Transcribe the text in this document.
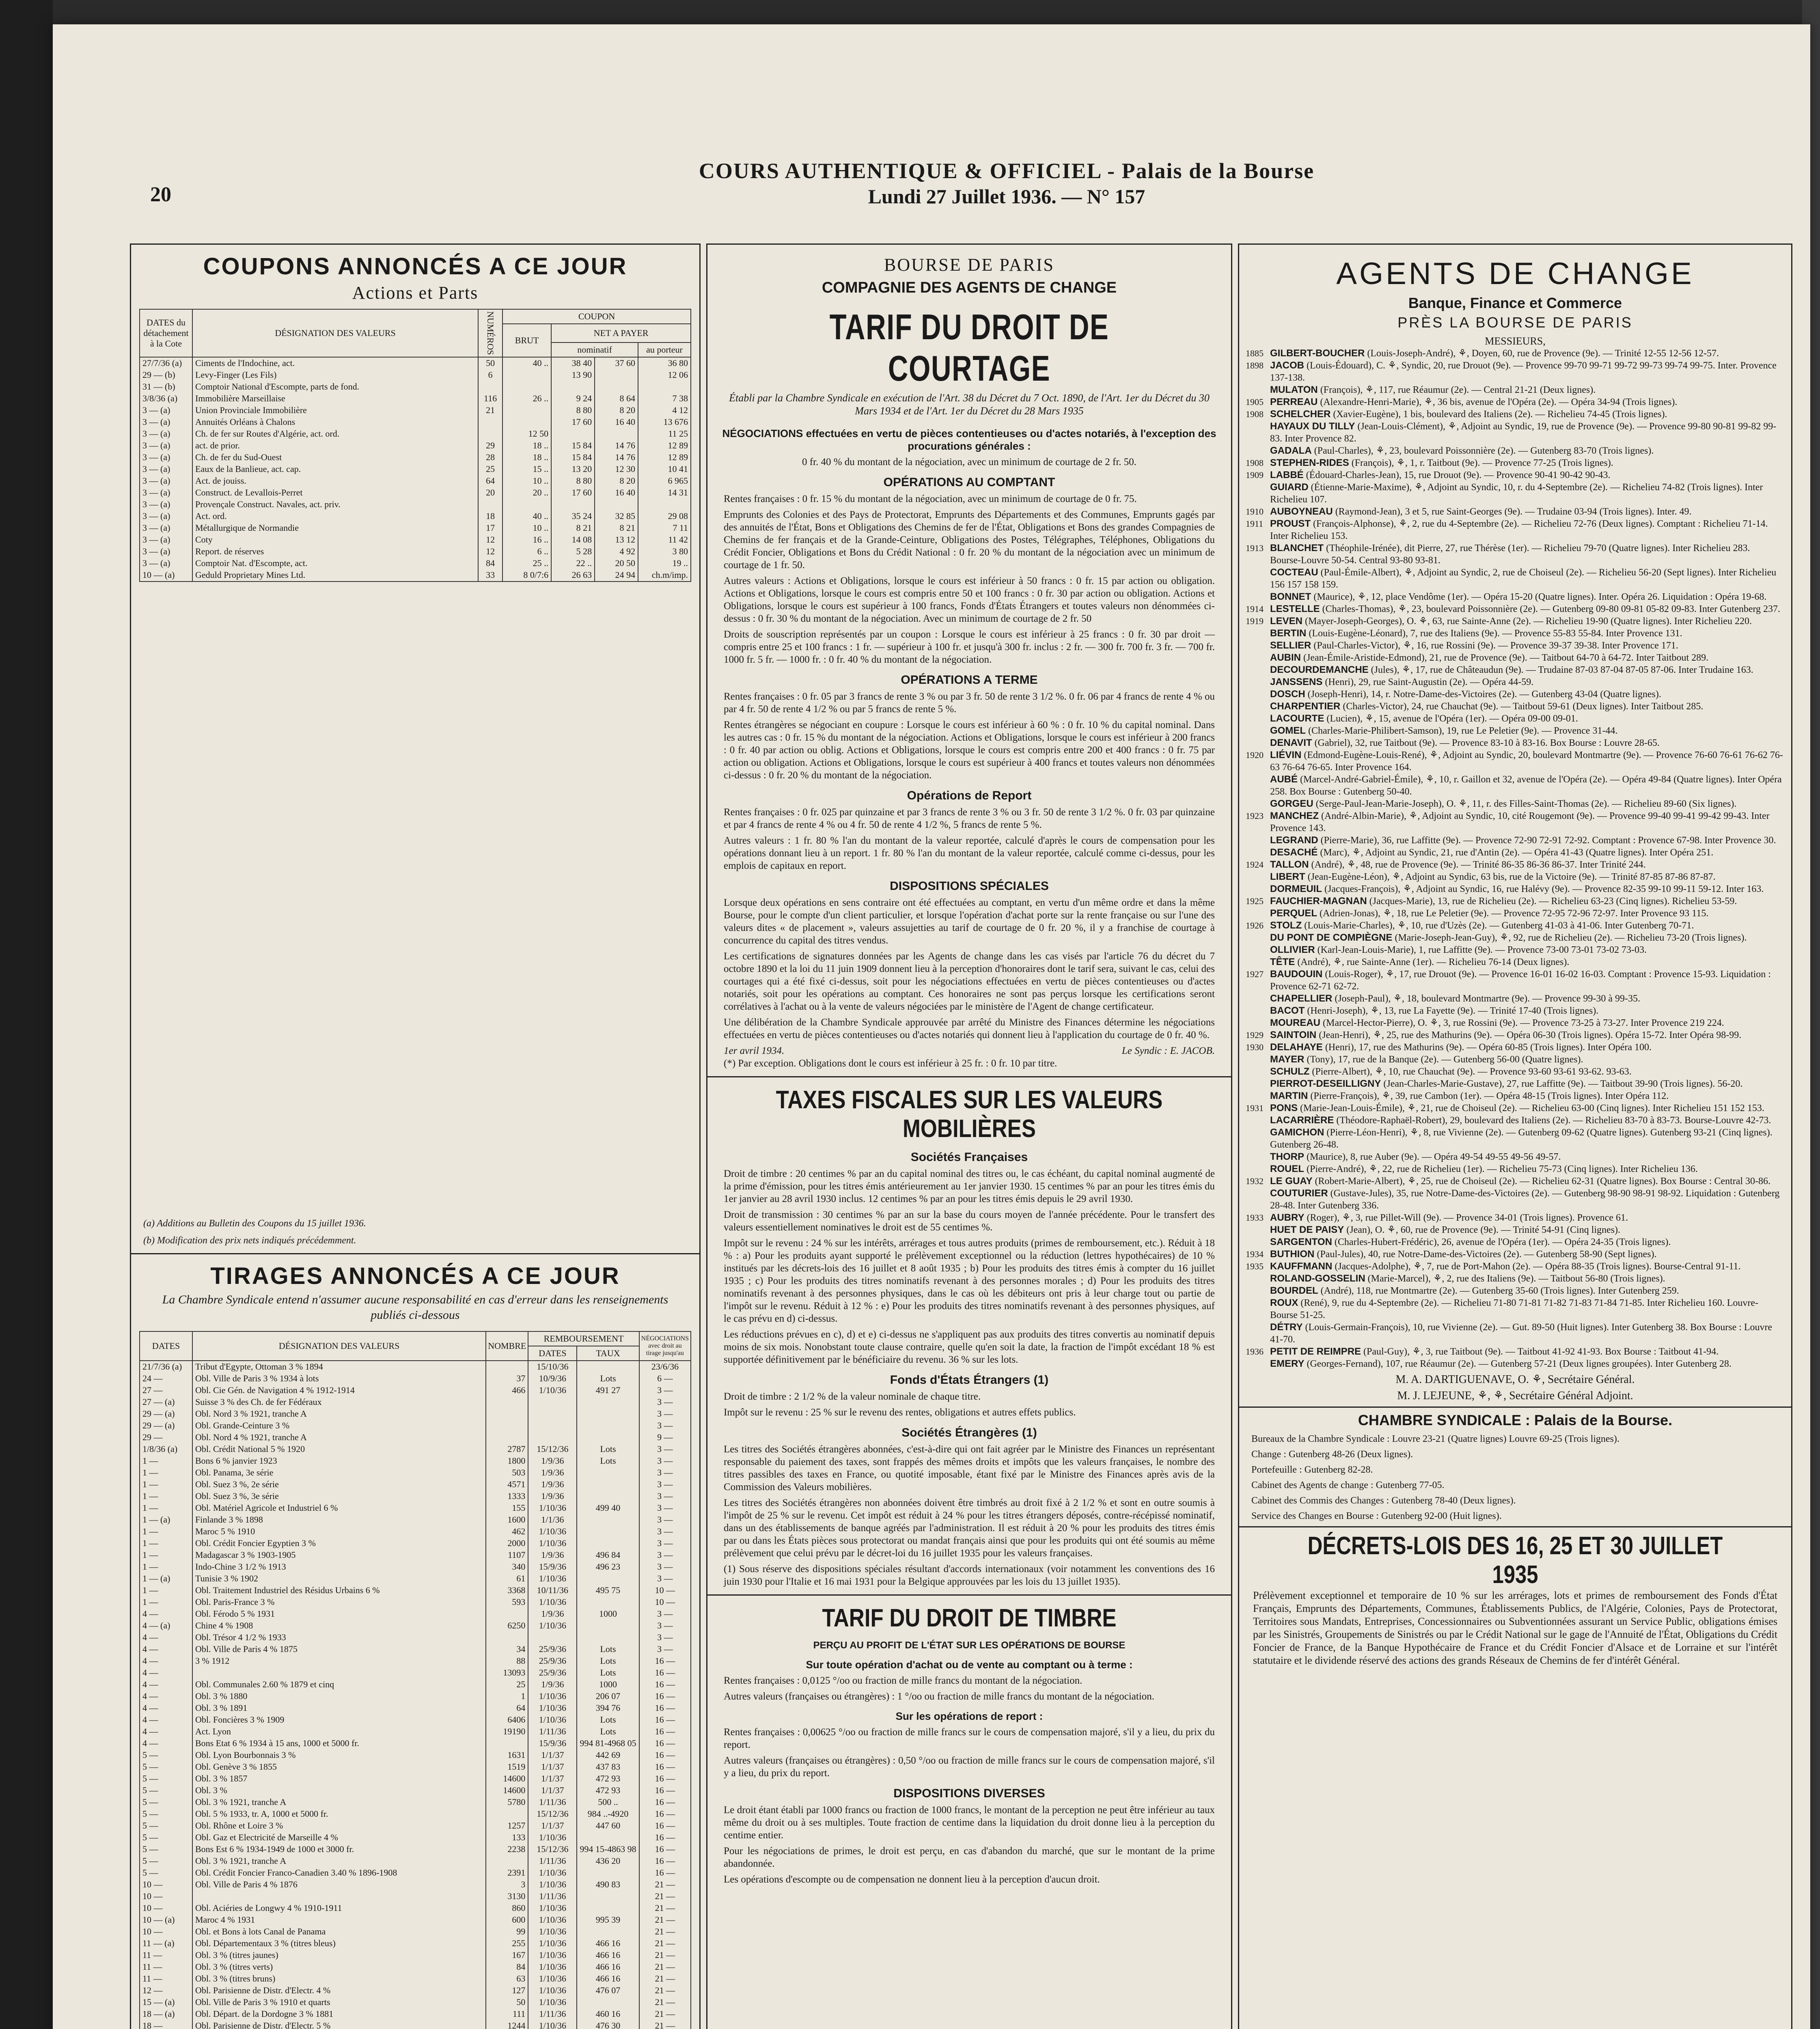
20
COURS AUTHENTIQUE & OFFICIEL - Palais de la Bourse
Lundi 27 Juillet 1936. — N° 157
COUPONS ANNONCÉS A CE JOUR
Actions et Parts
DATES du détachement à la Cote	DÉSIGNATION DES VALEURS	NUMÉROS	COUPON			
			BRUT	NET A PAYER		
				nominatif		au porteur
27/7/36 (a)	Ciments de l'Indochine, act.	50	40 ..	38 40	37 60	36 80
29 — (b)	Levy-Finger (Les Fils)	6		13 90		12 06
31 — (b)	Comptoir National d'Escompte, parts de fond.					
3/8/36 (a)	Immobilière Marseillaise	116	26 ..	9 24	8 64	7 38
3 — (a)	Union Provinciale Immobilière	21		8 80	8 20	4 12
3 — (a)	Annuités Orléans à Chalons			17 60	16 40	13 676
3 — (a)	Ch. de fer sur Routes d'Algérie, act. ord.		12 50			11 25
3 — (a)	act. de prior.	29	18 ..	15 84	14 76	12 89
3 — (a)	Ch. de fer du Sud-Ouest	28	18 ..	15 84	14 76	12 89
3 — (a)	Eaux de la Banlieue, act. cap.	25	15 ..	13 20	12 30	10 41
3 — (a)	Act. de jouiss.	64	10 ..	8 80	8 20	6 965
3 — (a)	Construct. de Levallois-Perret	20	20 ..	17 60	16 40	14 31
3 — (a)	Provençale Construct. Navales, act. priv.					
3 — (a)	Act. ord.	18	40 ..	35 24	32 85	29 08
3 — (a)	Métallurgique de Normandie	17	10 ..	8 21	8 21	7 11
3 — (a)	Coty	12	16 ..	14 08	13 12	11 42
3 — (a)	Report. de réserves	12	6 ..	5 28	4 92	3 80
3 — (a)	Comptoir Nat. d'Escompte, act.	84	25 ..	22 ..	20 50	19 ..
10 — (a)	Geduld Proprietary Mines Ltd.	33	8 0/7:6	26 63	24 94	ch.m/imp.
(a) Additions au Bulletin des Coupons du 15 juillet 1936.
(b) Modification des prix nets indiqués précédemment.
TIRAGES ANNONCÉS A CE JOUR
La Chambre Syndicale entend n'assumer aucune responsabilité en cas d'erreur dans les renseignements publiés ci-dessous
DATES	DÉSIGNATION DES VALEURS	NOMBRE	REMBOURSEMENT		NÉGOCIATIONS avec droit au tirage jusqu'au
			DATES	TAUX	
21/7/36 (a)	Tribut d'Egypte, Ottoman 3 % 1894		15/10/36		23/6/36
24 —	Obl. Ville de Paris 3 % 1934 à lots	37	10/9/36	Lots	6 —
27 —	Obl. Cie Gén. de Navigation 4 % 1912-1914	466	1/10/36	491 27	3 —
27 — (a)	Suisse 3 % des Ch. de fer Fédéraux				3 —
29 — (a)	Obl. Nord 3 % 1921, tranche A				3 —
29 — (a)	Obl. Grande-Ceinture 3 %				3 —
29 —	Obl. Nord 4 % 1921, tranche A				9 —
1/8/36 (a)	Obl. Crédit National 5 % 1920	2787	15/12/36	Lots	3 —
1 —	Bons 6 % janvier 1923	1800	1/9/36	Lots	3 —
1 —	Obl. Panama, 3e série	503	1/9/36		3 —
1 —	Obl. Suez 3 %, 2e série	4571	1/9/36		3 —
1 —	Obl. Suez 3 %, 3e série	1333	1/9/36		3 —
1 —	Obl. Matériel Agricole et Industriel 6 %	155	1/10/36	499 40	3 —
1 — (a)	Finlande 3 % 1898	1600	1/1/36		3 —
1 —	Maroc 5 % 1910	462	1/10/36		3 —
1 —	Obl. Crédit Foncier Egyptien 3 %	2000	1/10/36		3 —
1 —	Madagascar 3 % 1903-1905	1107	1/9/36	496 84	3 —
1 —	Indo-Chine 3 1/2 % 1913	340	15/9/36	496 23	3 —
1 — (a)	Tunisie 3 % 1902	61	1/10/36		3 —
1 —	Obl. Traitement Industriel des Résidus Urbains 6 %	3368	10/11/36	495 75	10 —
1 —	Obl. Paris-France 3 %	593	1/10/36		10 —
4 —	Obl. Férodo 5 % 1931		1/9/36	1000	3 —
4 — (a)	Chine 4 % 1908	6250	1/10/36		3 —
4 —	Obl. Trésor 4 1/2 % 1933				3 —
4 —	Obl. Ville de Paris 4 % 1875	34	25/9/36	Lots	3 —
4 —	3 % 1912	88	25/9/36	Lots	16 —
4 —		13093	25/9/36	Lots	16 —
4 —	Obl. Communales 2.60 % 1879 et cinq	25	1/9/36	1000	16 —
4 —	Obl. 3 % 1880	1	1/10/36	206 07	16 —
4 —	Obl. 3 % 1891	64	1/10/36	394 76	16 —
4 —	Obl. Foncières 3 % 1909	6406	1/10/36	Lots	16 —
4 —	Act. Lyon	19190	1/11/36	Lots	16 —
4 —	Bons Etat 6 % 1934 à 15 ans, 1000 et 5000 fr.		15/9/36	994 81-4968 05	16 —
5 —	Obl. Lyon Bourbonnais 3 %	1631	1/1/37	442 69	16 —
5 —	Obl. Genève 3 % 1855	1519	1/1/37	437 83	16 —
5 —	Obl. 3 % 1857	14600	1/1/37	472 93	16 —
5 —	Obl. 3 %	14600	1/1/37	472 93	16 —
5 —	Obl. 3 % 1921, tranche A	5780	1/11/36	500 ..	16 —
5 —	Obl. 5 % 1933, tr. A, 1000 et 5000 fr.		15/12/36	984 ..-4920	16 —
5 —	Obl. Rhône et Loire 3 %	1257	1/1/37	447 60	16 —
5 —	Obl. Gaz et Electricité de Marseille 4 %	133	1/10/36		16 —
5 —	Bons Est 6 % 1934-1949 de 1000 et 3000 fr.	2238	15/12/36	994 15-4863 98	16 —
5 —	Obl. 3 % 1921, tranche A		1/11/36	436 20	16 —
5 —	Obl. Crédit Foncier Franco-Canadien 3.40 % 1896-1908	2391	1/10/36		16 —
10 —	Obl. Ville de Paris 4 % 1876	3	1/10/36	490 83	21 —
10 —		3130	1/11/36		21 —
10 —	Obl. Aciéries de Longwy 4 % 1910-1911	860	1/10/36		21 —
10 — (a)	Maroc 4 % 1931	600	1/10/36	995 39	21 —
10 —	Obl. et Bons à lots Canal de Panama	99	1/10/36		21 —
11 — (a)	Obl. Départementaux 3 % (titres bleus)	255	1/10/36	466 16	21 —
11 —	Obl. 3 % (titres jaunes)	167	1/10/36	466 16	21 —
11 —	Obl. 3 % (titres verts)	84	1/10/36	466 16	21 —
11 —	Obl. 3 % (titres bruns)	63	1/10/36	466 16	21 —
12 —	Obl. Parisienne de Distr. d'Electr. 4 %	127	1/10/36	476 07	21 —
15 — (a)	Obl. Ville de Paris 3 % 1910 et quarts	50	1/10/36		21 —
18 — (a)	Obl. Départ. de la Dordogne 3 % 1881	111	1/11/36	460 16	21 —
18 —	Obl. Parisienne de Distr. d'Electr. 5 %	1244	1/10/36	476 30	21 —

BOURSE DE PARIS
COMPAGNIE DES AGENTS DE CHANGE
TARIF DU DROIT DE COURTAGE
Établi par la Chambre Syndicale en exécution de l'Art. 38 du Décret du 7 Oct. 1890, de l'Art. 1er du Décret du 30 Mars 1934 et de l'Art. 1er du Décret du 28 Mars 1935
NÉGOCIATIONS effectuées en vertu de pièces contentieuses ou d'actes notariés, à l'exception des procurations générales :
0 fr. 40 % du montant de la négociation, avec un minimum de courtage de 2 fr. 50.
OPÉRATIONS AU COMPTANT
Rentes françaises : 0 fr. 15 % du montant de la négociation, avec un minimum de courtage de 0 fr. 75.
Emprunts des Colonies et des Pays de Protectorat, Emprunts des Départements et des Communes, Emprunts gagés par des annuités de l'État, Bons et Obligations des Chemins de fer de l'État, Obligations et Bons des grandes Compagnies de Chemins de fer français et de la Grande-Ceinture, Obligations des Postes, Télégraphes, Téléphones, Obligations du Crédit Foncier, Obligations et Bons du Crédit National : 0 fr. 20 % du montant de la négociation avec un minimum de courtage de 1 fr. 50.
Autres valeurs : Actions et Obligations, lorsque le cours est inférieur à 50 francs : 0 fr. 15 par action ou obligation. Actions et Obligations, lorsque le cours est compris entre 50 et 100 francs : 0 fr. 30 par action ou obligation. Actions et Obligations, lorsque le cours est supérieur à 100 francs, Fonds d'États Étrangers et toutes valeurs non dénommées ci-dessus : 0 fr. 30 % du montant de la négociation. Avec un minimum de courtage de 2 fr. 50
Droits de souscription représentés par un coupon : Lorsque le cours est inférieur à 25 francs : 0 fr. 30 par droit — compris entre 25 et 100 francs : 1 fr. — supérieur à 100 fr. et jusqu'à 300 fr. inclus : 2 fr. — 300 fr. 700 fr. 3 fr. — 700 fr. 1000 fr. 5 fr. — 1000 fr. : 0 fr. 40 % du montant de la négociation.
OPÉRATIONS A TERME
Rentes françaises : 0 fr. 05 par 3 francs de rente 3 % ou par 3 fr. 50 de rente 3 1/2 %. 0 fr. 06 par 4 francs de rente 4 % ou par 4 fr. 50 de rente 4 1/2 % ou par 5 francs de rente 5 %.
Rentes étrangères se négociant en coupure : Lorsque le cours est inférieur à 60 % : 0 fr. 10 % du capital nominal. Dans les autres cas : 0 fr. 15 % du montant de la négociation. Actions et Obligations, lorsque le cours est inférieur à 200 francs : 0 fr. 40 par action ou oblig. Actions et Obligations, lorsque le cours est compris entre 200 et 400 francs : 0 fr. 75 par action ou obligation. Actions et Obligations, lorsque le cours est supérieur à 400 francs et toutes valeurs non dénommées ci-dessus : 0 fr. 20 % du montant de la négociation.
Opérations de Report
Rentes françaises : 0 fr. 025 par quinzaine et par 3 francs de rente 3 % ou 3 fr. 50 de rente 3 1/2 %. 0 fr. 03 par quinzaine et par 4 francs de rente 4 % ou 4 fr. 50 de rente 4 1/2 %, 5 francs de rente 5 %.
Autres valeurs : 1 fr. 80 % l'an du montant de la valeur reportée, calculé d'après le cours de compensation pour les opérations donnant lieu à un report. 1 fr. 80 % l'an du montant de la valeur reportée, calculé comme ci-dessus, pour les emplois de capitaux en report.
DISPOSITIONS SPÉCIALES
Lorsque deux opérations en sens contraire ont été effectuées au comptant, en vertu d'un même ordre et dans la même Bourse, pour le compte d'un client particulier, et lorsque l'opération d'achat porte sur la rente française ou sur l'une des valeurs dites « de placement », valeurs assujetties au tarif de courtage de 0 fr. 20 %, il y a franchise de courtage à concurrence du capital des titres vendus.
Les certifications de signatures données par les Agents de change dans les cas visés par l'article 76 du décret du 7 octobre 1890 et la loi du 11 juin 1909 donnent lieu à la perception d'honoraires dont le tarif sera, suivant le cas, celui des courtages qui a été fixé ci-dessus, soit pour les négociations effectuées en vertu de pièces contentieuses ou d'actes notariés, soit pour les opérations au comptant. Ces honoraires ne sont pas perçus lorsque les certifications seront corrélatives à l'achat ou à la vente de valeurs négociées par le ministère de l'Agent de change certificateur.
Une délibération de la Chambre Syndicale approuvée par arrêté du Ministre des Finances détermine les négociations effectuées en vertu de pièces contentieuses ou d'actes notariés qui donnent lieu à l'application du courtage de 0 fr. 40 %.
1er avril 1934.	Le Syndic : E. JACOB.
(*) Par exception. Obligations dont le cours est inférieur à 25 fr. : 0 fr. 10 par titre.
TAXES FISCALES SUR LES VALEURS MOBILIÈRES
Sociétés Françaises
Droit de timbre : 20 centimes % par an du capital nominal des titres ou, le cas échéant, du capital nominal augmenté de la prime d'émission, pour les titres émis antérieurement au 1er janvier 1930. 15 centimes % par an pour les titres émis du 1er janvier au 28 avril 1930 inclus. 12 centimes % par an pour les titres émis depuis le 29 avril 1930.
Droit de transmission : 30 centimes % par an sur la base du cours moyen de l'année précédente. Pour le transfert des valeurs essentiellement nominatives le droit est de 55 centimes %.
Impôt sur le revenu : 24 % sur les intérêts, arrérages et tous autres produits (primes de remboursement, etc.). Réduit à 18 % : a) Pour les produits ayant supporté le prélèvement exceptionnel ou la réduction (lettres hypothécaires) de 10 % institués par les décrets-lois des 16 juillet et 8 août 1935 ; b) Pour les produits des titres émis à compter du 16 juillet 1935 ; c) Pour les produits des titres nominatifs revenant à des personnes morales ; d) Pour les produits des titres nominatifs revenant à des personnes physiques, dans le cas où les débiteurs ont pris à leur charge tout ou partie de l'impôt sur le revenu. Réduit à 12 % : e) Pour les produits des titres nominatifs revenant à des personnes physiques, auf le cas prévu en d) ci-dessus.
Les réductions prévues en c), d) et e) ci-dessus ne s'appliquent pas aux produits des titres convertis au nominatif depuis moins de six mois. Nonobstant toute clause contraire, quelle qu'en soit la date, la fraction de l'impôt excédant 18 % est supportée définitivement par le bénéficiaire du revenu. 36 % sur les lots.
Fonds d'États Étrangers (1)
Droit de timbre : 2 1/2 % de la valeur nominale de chaque titre.
Impôt sur le revenu : 25 % sur le revenu des rentes, obligations et autres effets publics.
Sociétés Étrangères (1)
Les titres des Sociétés étrangères abonnées, c'est-à-dire qui ont fait agréer par le Ministre des Finances un représentant responsable du paiement des taxes, sont frappés des mêmes droits et impôts que les valeurs françaises, le nombre des titres passibles des taxes en France, ou quotité imposable, étant fixé par le Ministre des Finances après avis de la Commission des Valeurs mobilières.
Les titres des Sociétés étrangères non abonnées doivent être timbrés au droit fixé à 2 1/2 % et sont en outre soumis à l'impôt de 25 % sur le revenu. Cet impôt est réduit à 24 % pour les titres étrangers déposés, contre-récépissé nominatif, dans un des établissements de banque agréés par l'administration. Il est réduit à 20 % pour les produits des titres émis par ou dans les États pièces sous protectorat ou mandat français ainsi que pour les produits qui ont été soumis au même prélèvement que celui prévu par le décret-loi du 16 juillet 1935 pour les valeurs françaises.
(1) Sous réserve des dispositions spéciales résultant d'accords internationaux (voir notamment les conventions des 16 juin 1930 pour l'Italie et 16 mai 1931 pour la Belgique approuvées par les lois du 13 juillet 1935).
TARIF DU DROIT DE TIMBRE
PERÇU AU PROFIT DE L'ÉTAT SUR LES OPÉRATIONS DE BOURSE
Sur toute opération d'achat ou de vente au comptant ou à terme :
Rentes françaises : 0,0125 °/oo ou fraction de mille francs du montant de la négociation.
Autres valeurs (françaises ou étrangères) : 1 °/oo ou fraction de mille francs du montant de la négociation.
Sur les opérations de report :
Rentes françaises : 0,00625 °/oo ou fraction de mille francs sur le cours de compensation majoré, s'il y a lieu, du prix du report.
Autres valeurs (françaises ou étrangères) : 0,50 °/oo ou fraction de mille francs sur le cours de compensation majoré, s'il y a lieu, du prix du report.
DISPOSITIONS DIVERSES
Le droit étant établi par 1000 francs ou fraction de 1000 francs, le montant de la perception ne peut être inférieur au taux même du droit ou à ses multiples. Toute fraction de centime dans la liquidation du droit donne lieu à la perception du centime entier.
Pour les négociations de primes, le droit est perçu, en cas d'abandon du marché, que sur le montant de la prime abandonnée.
Les opérations d'escompte ou de compensation ne donnent lieu à la perception d'aucun droit.
AGENTS DE CHANGE
Banque, Finance et Commerce
PRÈS LA BOURSE DE PARIS
MESSIEURS,
1885 GILBERT-BOUCHER (Louis-Joseph-André), ⚘, Doyen, 60, rue de Provence (9e). — Trinité 12-55 12-56 12-57.
1898 JACOB (Louis-Édouard), C. ⚘, Syndic, 20, rue Drouot (9e). — Provence 99-70 99-71 99-72 99-73 99-74 99-75. Inter. Provence 137-138.
MULATON (François), ⚘, 117, rue Réaumur (2e). — Central 21-21 (Deux lignes).
1905 PERREAU (Alexandre-Henri-Marie), ⚘, 36 bis, avenue de l'Opéra (2e). — Opéra 34-94 (Trois lignes).
1908 SCHELCHER (Xavier-Eugène), 1 bis, boulevard des Italiens (2e). — Richelieu 74-45 (Trois lignes).
HAYAUX DU TILLY (Jean-Louis-Clément), ⚘, Adjoint au Syndic, 19, rue de Provence (9e). — Provence 99-80 90-81 99-82 99-83. Inter Provence 82.
GADALA (Paul-Charles), ⚘, 23, boulevard Poissonnière (2e). — Gutenberg 83-70 (Trois lignes).
1908 STEPHEN-RIDES (François), ⚘, 1, r. Taitbout (9e). — Provence 77-25 (Trois lignes).
1909 LABBÉ (Édouard-Charles-Jean), 15, rue Drouot (9e). — Provence 90-41 90-42 90-43.
GUIARD (Étienne-Marie-Maxime), ⚘, Adjoint au Syndic, 10, r. du 4-Septembre (2e). — Richelieu 74-82 (Trois lignes). Inter Richelieu 107.
1910 AUBOYNEAU (Raymond-Jean), 3 et 5, rue Saint-Georges (9e). — Trudaine 03-94 (Trois lignes). Inter. 49.
1911 PROUST (François-Alphonse), ⚘, 2, rue du 4-Septembre (2e). — Richelieu 72-76 (Deux lignes). Comptant : Richelieu 71-14. Inter Richelieu 153.
1913 BLANCHET (Théophile-Irénée), dit Pierre, 27, rue Thérèse (1er). — Richelieu 79-70 (Quatre lignes). Inter Richelieu 283. Bourse-Louvre 50-54. Central 93-80 93-81.
COCTEAU (Paul-Émile-Albert), ⚘, Adjoint au Syndic, 2, rue de Choiseul (2e). — Richelieu 56-20 (Sept lignes). Inter Richelieu 156 157 158 159.
BONNET (Maurice), ⚘, 12, place Vendôme (1er). — Opéra 15-20 (Quatre lignes). Inter. Opéra 26. Liquidation : Opéra 19-68.
1914 LESTELLE (Charles-Thomas), ⚘, 23, boulevard Poissonnière (2e). — Gutenberg 09-80 09-81 05-82 09-83. Inter Gutenberg 237.
1919 LEVEN (Mayer-Joseph-Georges), O. ⚘, 63, rue Sainte-Anne (2e). — Richelieu 19-90 (Quatre lignes). Inter Richelieu 220.
BERTIN (Louis-Eugène-Léonard), 7, rue des Italiens (9e). — Provence 55-83 55-84. Inter Provence 131.
SELLIER (Paul-Charles-Victor), ⚘, 16, rue Rossini (9e). — Provence 39-37 39-38. Inter Provence 171.
AUBIN (Jean-Émile-Aristide-Edmond), 21, rue de Provence (9e). — Taitbout 64-70 à 64-72. Inter Taitbout 289.
DECOURDEMANCHE (Jules), ⚘, 17, rue de Châteaudun (9e). — Trudaine 87-03 87-04 87-05 87-06. Inter Trudaine 163.
JANSSENS (Henri), 29, rue Saint-Augustin (2e). — Opéra 44-59.
DOSCH (Joseph-Henri), 14, r. Notre-Dame-des-Victoires (2e). — Gutenberg 43-04 (Quatre lignes).
CHARPENTIER (Charles-Victor), 24, rue Chauchat (9e). — Taitbout 59-61 (Deux lignes). Inter Taitbout 285.
LACOURTE (Lucien), ⚘, 15, avenue de l'Opéra (1er). — Opéra 09-00 09-01.
GOMEL (Charles-Marie-Philibert-Samson), 19, rue Le Peletier (9e). — Provence 31-44.
DENAVIT (Gabriel), 32, rue Taitbout (9e). — Provence 83-10 à 83-16. Box Bourse : Louvre 28-65.
1920 LIÉVIN (Edmond-Eugène-Louis-René), ⚘, Adjoint au Syndic, 20, boulevard Montmartre (9e). — Provence 76-60 76-61 76-62 76-63 76-64 76-65. Inter Provence 164.
AUBÉ (Marcel-André-Gabriel-Émile), ⚘, 10, r. Gaillon et 32, avenue de l'Opéra (2e). — Opéra 49-84 (Quatre lignes). Inter Opéra 258. Box Bourse : Gutenberg 50-40.
GORGEU (Serge-Paul-Jean-Marie-Joseph), O. ⚘, 11, r. des Filles-Saint-Thomas (2e). — Richelieu 89-60 (Six lignes).
1923 MANCHEZ (André-Albin-Marie), ⚘, Adjoint au Syndic, 10, cité Rougemont (9e). — Provence 99-40 99-41 99-42 99-43. Inter Provence 143.
LEGRAND (Pierre-Marie), 36, rue Laffitte (9e). — Provence 72-90 72-91 72-92. Comptant : Provence 67-98. Inter Provence 30.
DESACHÉ (Marc), ⚘, Adjoint au Syndic, 21, rue d'Antin (2e). — Opéra 41-43 (Quatre lignes). Inter Opéra 251.
1924 TALLON (André), ⚘, 48, rue de Provence (9e). — Trinité 86-35 86-36 86-37. Inter Trinité 244.
LIBERT (Jean-Eugène-Léon), ⚘, Adjoint au Syndic, 63 bis, rue de la Victoire (9e). — Trinité 87-85 87-86 87-87.
DORMEUIL (Jacques-François), ⚘, Adjoint au Syndic, 16, rue Halévy (9e). — Provence 82-35 99-10 99-11 59-12. Inter 163.
1925 FAUCHIER-MAGNAN (Jacques-Marie), 13, rue de Richelieu (2e). — Richelieu 63-23 (Cinq lignes). Richelieu 53-59.
PERQUEL (Adrien-Jonas), ⚘, 18, rue Le Peletier (9e). — Provence 72-95 72-96 72-97. Inter Provence 93 115.
1926 STOLZ (Louis-Marie-Charles), ⚘, 10, rue d'Uzès (2e). — Gutenberg 41-03 à 41-06. Inter Gutenberg 70-71.
DU PONT DE COMPIÈGNE (Marie-Joseph-Jean-Guy), ⚘, 92, rue de Richelieu (2e). — Richelieu 73-20 (Trois lignes).
OLLIVIER (Karl-Jean-Louis-Marie), 1, rue Laffitte (9e). — Provence 73-00 73-01 73-02 73-03.
TÊTE (André), ⚘, rue Sainte-Anne (1er). — Richelieu 76-14 (Deux lignes).
1927 BAUDOUIN (Louis-Roger), ⚘, 17, rue Drouot (9e). — Provence 16-01 16-02 16-03. Comptant : Provence 15-93. Liquidation : Provence 62-71 62-72.
CHAPELLIER (Joseph-Paul), ⚘, 18, boulevard Montmartre (9e). — Provence 99-30 à 99-35.
BACOT (Henri-Joseph), ⚘, 13, rue La Fayette (9e). — Trinité 17-40 (Trois lignes).
MOUREAU (Marcel-Hector-Pierre), O. ⚘, 3, rue Rossini (9e). — Provence 73-25 à 73-27. Inter Provence 219 224.
1929 SAINTOIN (Jean-Henri), ⚘, 25, rue des Mathurins (9e). — Opéra 06-30 (Trois lignes). Opéra 15-72. Inter Opéra 98-99.
1930 DELAHAYE (Henri), 17, rue des Mathurins (9e). — Opéra 60-85 (Trois lignes). Inter Opéra 100.
MAYER (Tony), 17, rue de la Banque (2e). — Gutenberg 56-00 (Quatre lignes).
SCHULZ (Pierre-Albert), ⚘, 10, rue Chauchat (9e). — Provence 93-60 93-61 93-62. 93-63.
PIERROT-DESEILLIGNY (Jean-Charles-Marie-Gustave), 27, rue Laffitte (9e). — Taitbout 39-90 (Trois lignes). 56-20.
MARTIN (Pierre-François), ⚘, 39, rue Cambon (1er). — Opéra 48-15 (Trois lignes). Inter Opéra 112.
1931 PONS (Marie-Jean-Louis-Émile), ⚘, 21, rue de Choiseul (2e). — Richelieu 63-00 (Cinq lignes). Inter Richelieu 151 152 153.
LACARRIÈRE (Théodore-Raphaël-Robert), 29, boulevard des Italiens (2e). — Richelieu 83-70 à 83-73. Bourse-Louvre 42-73.
GAMICHON (Pierre-Léon-Henri), ⚘, 8, rue Vivienne (2e). — Gutenberg 09-62 (Quatre lignes). Gutenberg 93-21 (Cinq lignes). Gutenberg 26-48.
THORP (Maurice), 8, rue Auber (9e). — Opéra 49-54 49-55 49-56 49-57.
ROUEL (Pierre-André), ⚘, 22, rue de Richelieu (1er). — Richelieu 75-73 (Cinq lignes). Inter Richelieu 136.
1932 LE GUAY (Robert-Marie-Albert), ⚘, 25, rue de Choiseul (2e). — Richelieu 62-31 (Quatre lignes). Box Bourse : Central 30-86.
COUTURIER (Gustave-Jules), 35, rue Notre-Dame-des-Victoires (2e). — Gutenberg 98-90 98-91 98-92. Liquidation : Gutenberg 28-48. Inter Gutenberg 336.
1933 AUBRY (Roger), ⚘, 3, rue Pillet-Will (9e). — Provence 34-01 (Trois lignes). Provence 61.
HUET DE PAISY (Jean), O. ⚘, 60, rue de Provence (9e). — Trinité 54-91 (Cinq lignes).
SARGENTON (Charles-Hubert-Frédéric), 26, avenue de l'Opéra (1er). — Opéra 24-35 (Trois lignes).
1934 BUTHION (Paul-Jules), 40, rue Notre-Dame-des-Victoires (2e). — Gutenberg 58-90 (Sept lignes).
1935 KAUFFMANN (Jacques-Adolphe), ⚘, 7, rue de Port-Mahon (2e). — Opéra 88-35 (Trois lignes). Bourse-Central 91-11.
ROLAND-GOSSELIN (Marie-Marcel), ⚘, 2, rue des Italiens (9e). — Taitbout 56-80 (Trois lignes).
BOURDEL (André), 118, rue Montmartre (2e). — Gutenberg 35-60 (Trois lignes). Inter Gutenberg 259.
ROUX (René), 9, rue du 4-Septembre (2e). — Richelieu 71-80 71-81 71-82 71-83 71-84 71-85. Inter Richelieu 160. Louvre-Bourse 51-25.
DÉTRY (Louis-Germain-François), 10, rue Vivienne (2e). — Gut. 89-50 (Huit lignes). Inter Gutenberg 38. Box Bourse : Louvre 41-70.
1936 PETIT DE REIMPRE (Paul-Guy), ⚘, 3, rue Taitbout (9e). — Taitbout 41-92 41-93. Box Bourse : Taitbout 41-94.
EMERY (Georges-Fernand), 107, rue Réaumur (2e). — Gutenberg 57-21 (Deux lignes groupées). Inter Gutenberg 28.
M. A. DARTIGUENAVE, O. ⚘, Secrétaire Général.
M. J. LEJEUNE, ⚘, ⚘, Secrétaire Général Adjoint.
CHAMBRE SYNDICALE : Palais de la Bourse.
Bureaux de la Chambre Syndicale : Louvre 23-21 (Quatre lignes) Louvre 69-25 (Trois lignes).
Change : Gutenberg 48-26 (Deux lignes).
Portefeuille : Gutenberg 82-28.
Cabinet des Agents de change : Gutenberg 77-05.
Cabinet des Commis des Changes : Gutenberg 78-40 (Deux lignes).
Service des Changes en Bourse : Gutenberg 92-00 (Huit lignes).
DÉCRETS-LOIS DES 16, 25 ET 30 JUILLET 1935
Prélèvement exceptionnel et temporaire de 10 % sur les arrérages, lots et primes de remboursement des Fonds d'État Français, Emprunts des Départements, Communes, Établissements Publics, de l'Algérie, Colonies, Pays de Protectorat, Territoires sous Mandats, Entreprises, Concessionnaires ou Subventionnées assurant un Service Public, obligations émises par les Sinistrés, Groupements de Sinistrés ou par le Crédit National sur le gage de l'Annuité de l'État, Obligations du Crédit Foncier de France, de la Banque Hypothécaire de France et du Crédit Foncier d'Alsace et de Lorraine et sur l'intérêt statutaire et le dividende réservé des actions des grands Réseaux de Chemins de fer d'intérêt Général.
